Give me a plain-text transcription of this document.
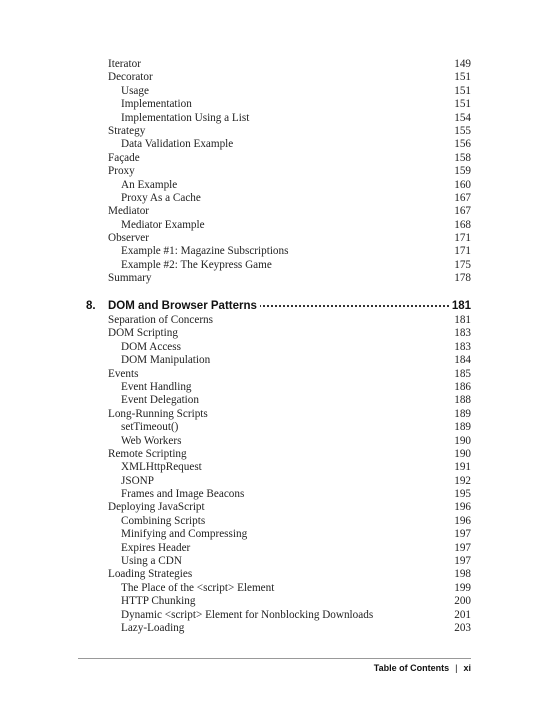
Iterator	149
Decorator	151
Usage	151
Implementation	151
Implementation Using a List	154
Strategy	155
Data Validation Example	156
Façade	158
Proxy	159
An Example	160
Proxy As a Cache	167
Mediator	167
Mediator Example	168
Observer	171
Example #1: Magazine Subscriptions	171
Example #2: The Keypress Game	175
Summary	178
8. DOM and Browser Patterns	181
Separation of Concerns	181
DOM Scripting	183
DOM Access	183
DOM Manipulation	184
Events	185
Event Handling	186
Event Delegation	188
Long-Running Scripts	189
setTimeout()	189
Web Workers	190
Remote Scripting	190
XMLHttpRequest	191
JSONP	192
Frames and Image Beacons	195
Deploying JavaScript	196
Combining Scripts	196
Minifying and Compressing	197
Expires Header	197
Using a CDN	197
Loading Strategies	198
The Place of the <script> Element	199
HTTP Chunking	200
Dynamic <script> Element for Nonblocking Downloads	201
Lazy-Loading	203
Table of Contents | xi
